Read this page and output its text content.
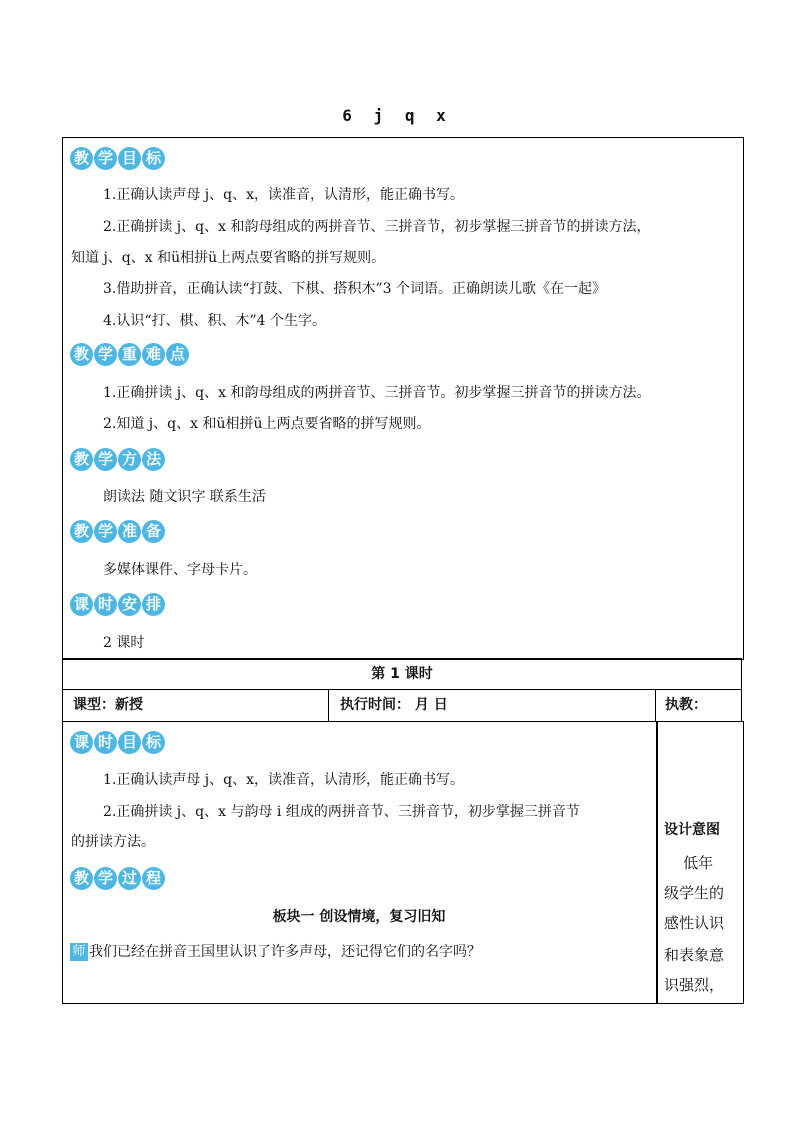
6 j q x
教 学 目 标
1.正确认读声母 j、q、x，读准音，认清形，能正确书写。
2.正确拼读 j、q、x 和韵母组成的两拼音节、三拼音节，初步掌握三拼音节的拼读方法，
知道 j、q、x 和ü相拼ü上两点要省略的拼写规则。
3.借助拼音，正确认读“打鼓、下棋、搭积木”3 个词语。正确朗读儿歌《在一起》
4.认识“打、棋、积、木”4 个生字。
教 学 重 难 点
1.正确拼读 j、q、x 和韵母组成的两拼音节、三拼音节。初步掌握三拼音节的拼读方法。
2.知道 j、q、x 和ü相拼ü上两点要省略的拼写规则。
教 学 方 法
朗读法 随文识字 联系生活
教 学 准 备
多媒体课件、字母卡片。
课 时 安 排
2 课时
第 1 课时
课型：新授	执行时间： 月 日	执教：
课 时 目 标
1.正确认读声母 j、q、x，读准音，认清形，能正确书写。
2.正确拼读 j、q、x 与韵母 i 组成的两拼音节、三拼音节，初步掌握三拼音节
的拼读方法。
教 学 过 程
板块一 创设情境，复习旧知
师 我们已经在拼音王国里认识了许多声母，还记得它们的名字吗？
设计意图
低年
级学生的
感性认识
和表象意
识强烈，
